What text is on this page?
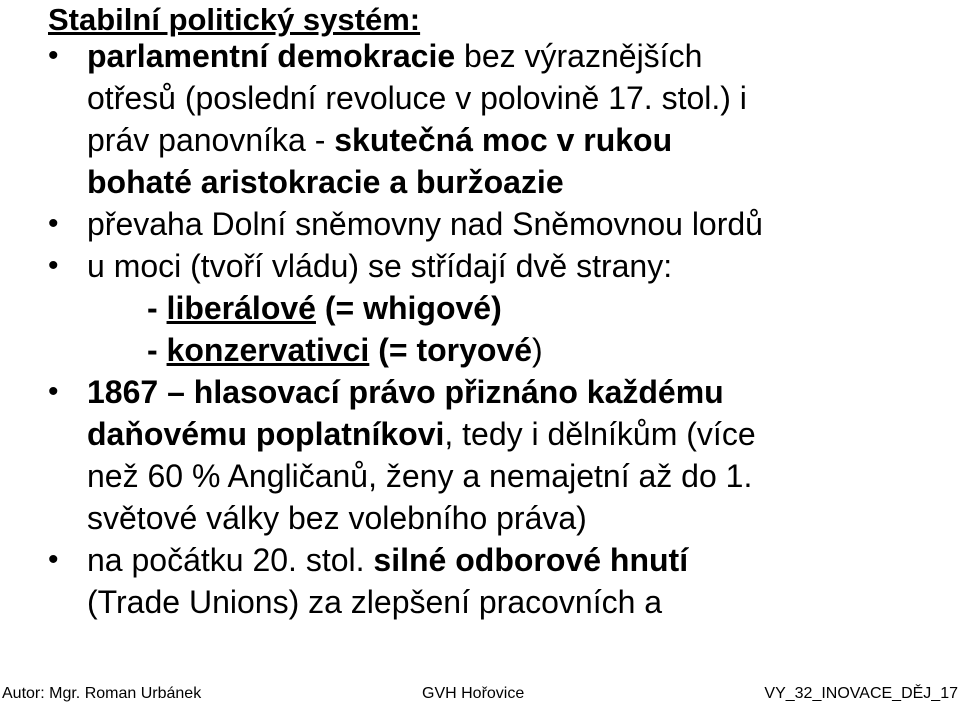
Stabilní politický systém:
• parlamentní demokracie bez výraznějších
otřesů (poslední revoluce v polovině 17. stol.) i
práv panovníka - skutečná moc v rukou
bohaté aristokracie a buržoazie
• převaha Dolní sněmovny nad Sněmovnou lordů
• u moci (tvoří vládu) se střídají dvě strany:
- liberálové (= whigové)
- konzervativci (= toryové)
• 1867 – hlasovací právo přiznáno každému
daňovému poplatníkovi, tedy i dělníkům (více
než 60 % Angličanů, ženy a nemajetní až do 1.
světové války bez volebního práva)
• na počátku 20. stol. silné odborové hnutí
(Trade Unions) za zlepšení pracovních a
Autor: Mgr. Roman Urbánek	GVH Hořovice	VY_32_INOVACE_DĚJ_17
